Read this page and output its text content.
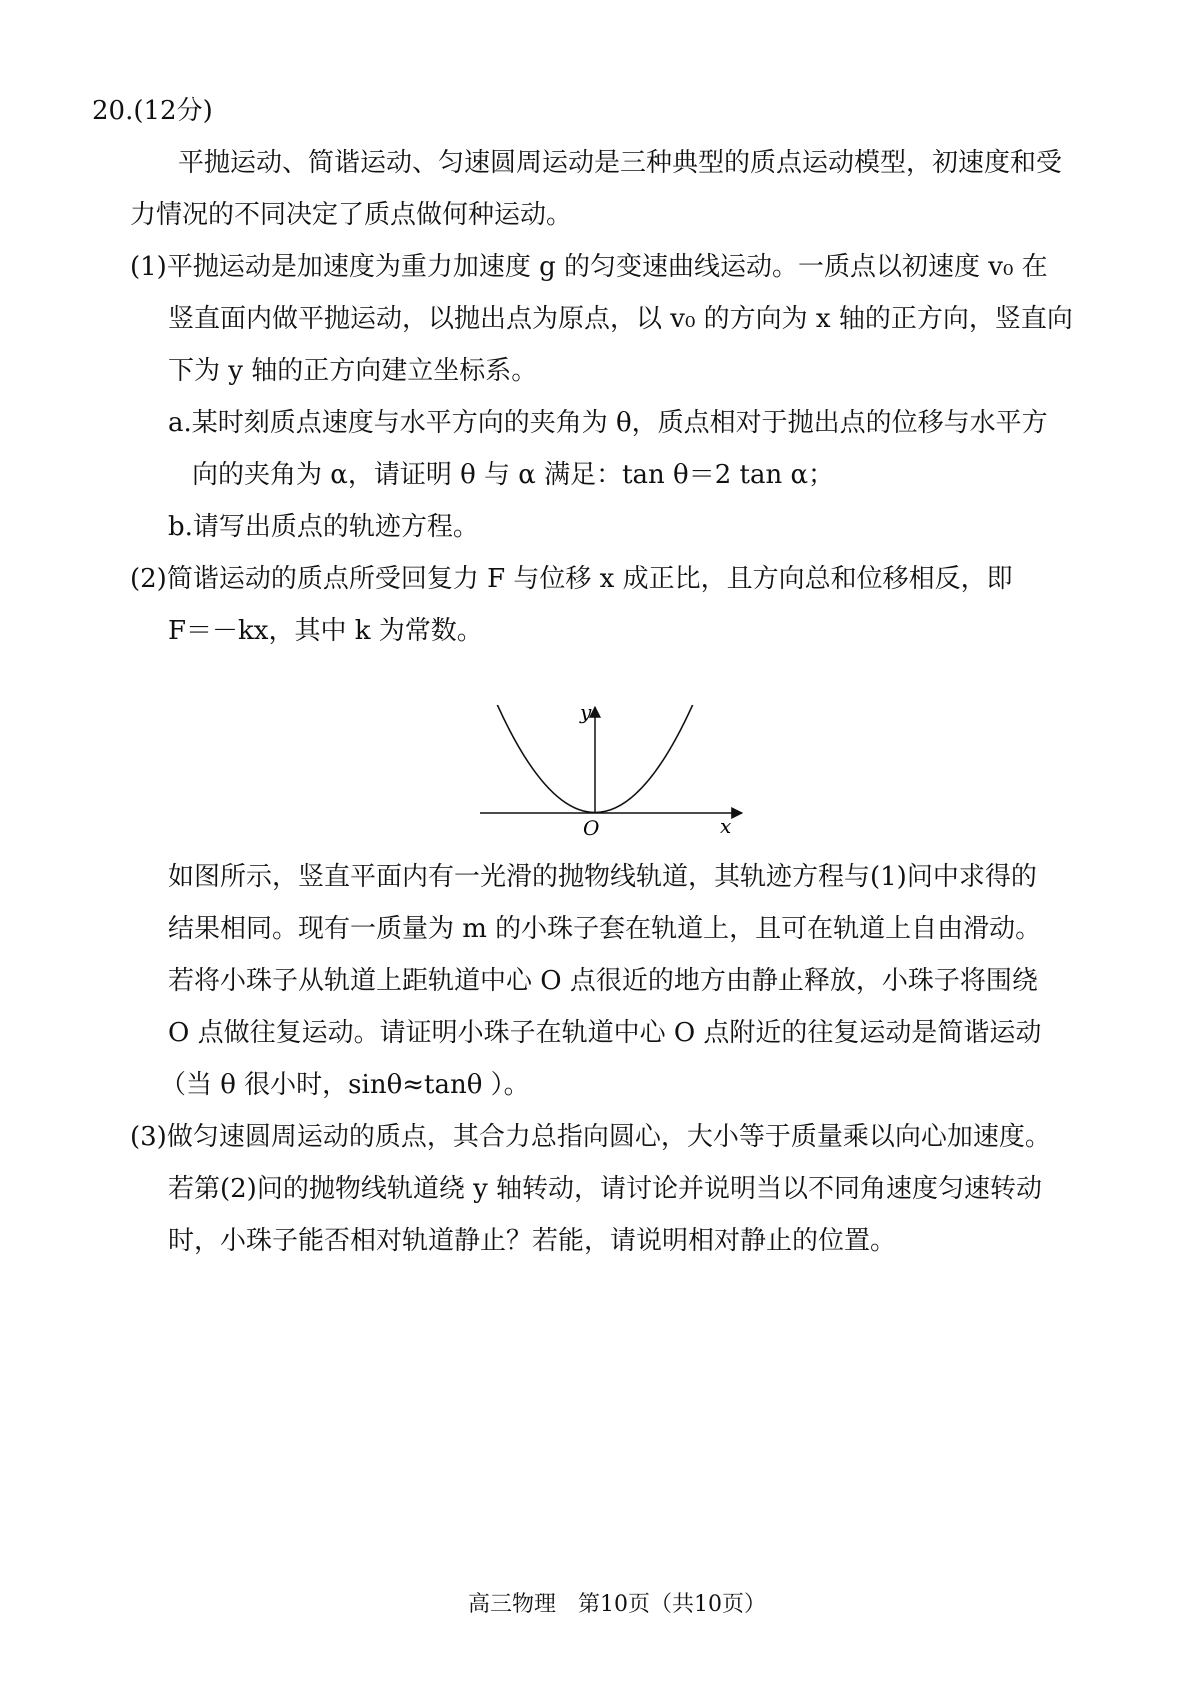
20.(12分)
平抛运动、简谐运动、匀速圆周运动是三种典型的质点运动模型，初速度和受
力情况的不同决定了质点做何种运动。
(1)平抛运动是加速度为重力加速度 g 的匀变速曲线运动。一质点以初速度 v₀ 在
竖直面内做平抛运动，以抛出点为原点，以 v₀ 的方向为 x 轴的正方向，竖直向
下为 y 轴的正方向建立坐标系。
a.某时刻质点速度与水平方向的夹角为 θ，质点相对于抛出点的位移与水平方
向的夹角为 α，请证明 θ 与 α 满足：tan θ＝2 tan α；
b.请写出质点的轨迹方程。
(2)简谐运动的质点所受回复力 F 与位移 x 成正比，且方向总和位移相反，即
F＝－kx，其中 k 为常数。
y
x
O
如图所示，竖直平面内有一光滑的抛物线轨道，其轨迹方程与(1)问中求得的
结果相同。现有一质量为 m 的小珠子套在轨道上，且可在轨道上自由滑动。
若将小珠子从轨道上距轨道中心 O 点很近的地方由静止释放，小珠子将围绕
O 点做往复运动。请证明小珠子在轨道中心 O 点附近的往复运动是简谐运动
（当 θ 很小时，sinθ≈tanθ ）。
(3)做匀速圆周运动的质点，其合力总指向圆心，大小等于质量乘以向心加速度。
若第(2)问的抛物线轨道绕 y 轴转动，请讨论并说明当以不同角速度匀速转动
时，小珠子能否相对轨道静止？若能，请说明相对静止的位置。
高三物理　第10页（共10页）
